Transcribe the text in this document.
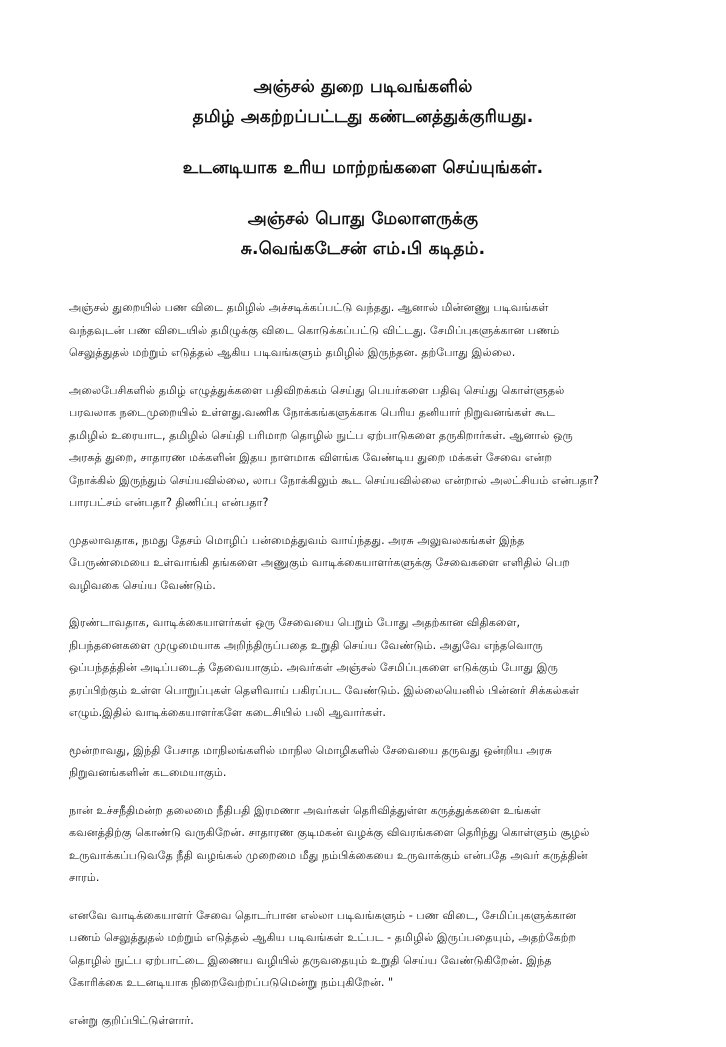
அஞ்சல் துறை படிவங்களில்
தமிழ் அகற்றப்பட்டது கண்டனத்துக்குரியது.
உடனடியாக உரிய மாற்றங்களை செய்யுங்கள்.
அஞ்சல் பொது மேலாளருக்கு
சு.வெங்கடேசன் எம்.பி கடிதம்.

அஞ்சல் துறையில் பண விடை தமிழில் அச்சடிக்கப்பட்டு வந்தது. ஆனால் மின்னணு படிவங்கள்
வந்தவுடன் பண விடையில் தமிழுக்கு விடை கொடுக்கப்பட்டு விட்டது. சேமிப்புகளுக்கான பணம்
செலுத்துதல் மற்றும் எடுத்தல் ஆகிய படிவங்களும் தமிழில் இருந்தன. தற்போது இல்லை.

அலைபேசிகளில் தமிழ் எழுத்துக்களை பதிவிறக்கம் செய்து பெயர்களை பதிவு செய்து கொள்ளுதல்
பரவலாக நடைமுறையில் உள்ளது.வணிக நோக்கங்களுக்காக பெரிய தனியார் நிறுவனங்கள் கூட
தமிழில் உரையாட, தமிழில் செய்தி பரிமாற தொழில் நுட்ப ஏற்பாடுகளை தருகிறார்கள். ஆனால் ஒரு
அரசுத் துறை, சாதாரண மக்களின் இதய நாளமாக விளங்க வேண்டிய துறை மக்கள் சேவை என்ற
நோக்கில் இருந்தும் செய்யவில்லை, லாப நோக்கிலும் கூட செய்யவில்லை என்றால் அலட்சியம் என்பதா?
பாரபட்சம் என்பதா? திணிப்பு என்பதா?

முதலாவதாக, நமது தேசம் மொழிப் பன்மைத்துவம் வாய்ந்தது. அரசு அலுவலகங்கள் இந்த
பேருண்மையை உள்வாங்கி தங்களை அணுகும் வாடிக்கையாளர்களுக்கு சேவைகளை எளிதில் பெற
வழிவகை செய்ய வேண்டும்.

இரண்டாவதாக, வாடிக்கையாளர்கள் ஒரு சேவையை பெறும் போது அதற்கான விதிகளை,
நிபந்தனைகளை முழுமையாக அறிந்திருப்பதை உறுதி செய்ய வேண்டும். அதுவே எந்தவொரு
ஒப்பந்தத்தின் அடிப்படைத் தேவையாகும். அவர்கள் அஞ்சல் சேமிப்புகளை எடுக்கும் போது இரு
தரப்பிற்கும் உள்ள பொறுப்புகள் தெளிவாய் பகிரப்பட வேண்டும். இல்லையெனில் பின்னர் சிக்கல்கள்
எழும்.இதில் வாடிக்கையாளர்களே கடைசியில் பலி ஆவார்கள்.

மூன்றாவது, இந்தி பேசாத மாநிலங்களில் மாநில மொழிகளில் சேவையை தருவது ஒன்றிய அரசு
நிறுவனங்களின் கடமையாகும்.

நான் உச்சநீதிமன்ற தலைமை நீதிபதி இரமணா அவர்கள் தெரிவித்துள்ள கருத்துக்களை உங்கள்
கவனத்திற்கு கொண்டு வருகிறேன். சாதாரண குடிமகன் வழக்கு விவரங்களை தெரிந்து கொள்ளும் சூழல்
உருவாக்கப்படுவதே நீதி வழங்கல் முறைமை மீது நம்பிக்கையை உருவாக்கும் என்பதே அவர் கருத்தின்
சாரம்.

எனவே வாடிக்கையாளர் சேவை தொடர்பான எல்லா படிவங்களும் - பண விடை, சேமிப்புகளுக்கான
பணம் செலுத்துதல் மற்றும் எடுத்தல் ஆகிய படிவங்கள் உட்பட - தமிழில் இருப்பதையும், அதற்கேற்ற
தொழில் நுட்ப ஏற்பாட்டை இணைய வழியில் தருவதையும் உறுதி செய்ய வேண்டுகிறேன். இந்த
கோரிக்கை உடனடியாக நிறைவேற்றப்படுமென்று நம்புகிறேன். "

என்று குறிப்பிட்டுள்ளார்.
